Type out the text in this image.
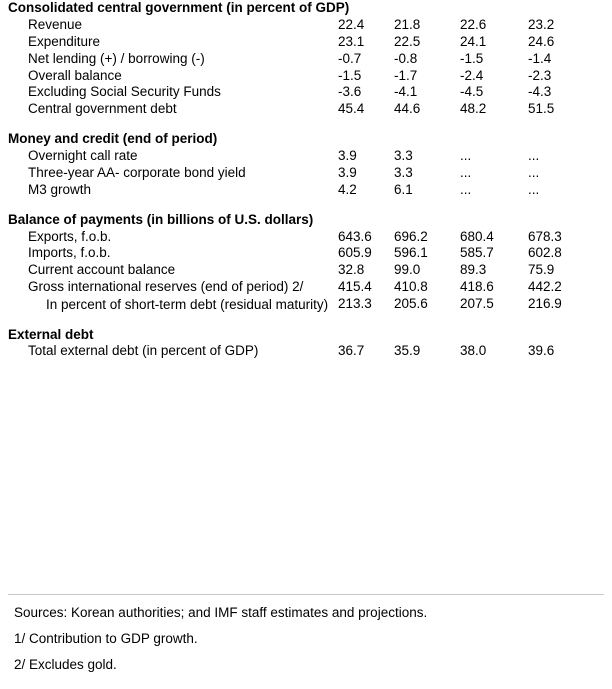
Consolidated central government (in percent of GDP)				
Revenue	22.4	21.8	22.6	23.2
Expenditure	23.1	22.5	24.1	24.6
Net lending (+) / borrowing (-)	-0.7	-0.8	-1.5	-1.4
Overall balance	-1.5	-1.7	-2.4	-2.3
Excluding Social Security Funds	-3.6	-4.1	-4.5	-4.3
Central government debt	45.4	44.6	48.2	51.5

Money and credit (end of period)				
Overnight call rate	3.9	3.3	...	...
Three-year AA- corporate bond yield	3.9	3.3	...	...
M3 growth	4.2	6.1	...	...

Balance of payments (in billions of U.S. dollars)				
Exports, f.o.b.	643.6	696.2	680.4	678.3
Imports, f.o.b.	605.9	596.1	585.7	602.8
Current account balance	32.8	99.0	89.3	75.9
Gross international reserves (end of period) 2/	415.4	410.8	418.6	442.2
In percent of short-term debt (residual maturity)	213.3	205.6	207.5	216.9

External debt				
Total external debt (in percent of GDP)	36.7	35.9	38.0	39.6
Sources: Korean authorities; and IMF staff estimates and projections.
1/ Contribution to GDP growth.
2/ Excludes gold.
